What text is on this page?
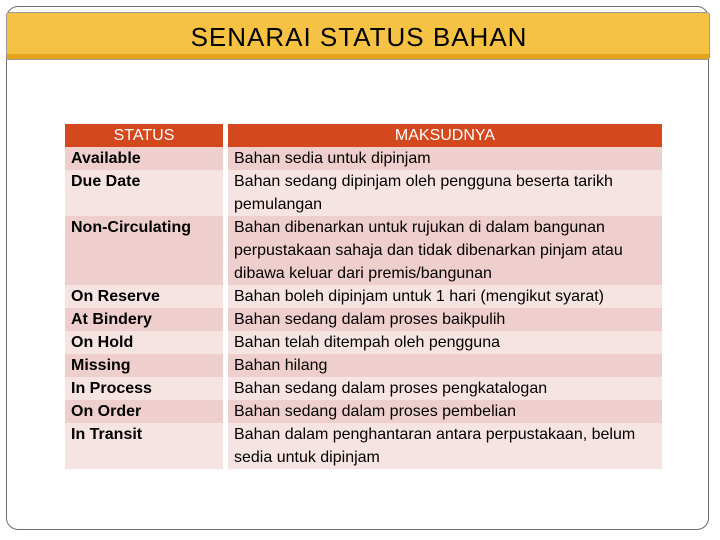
SENARAI STATUS BAHAN
STATUS		MAKSUDNYA
Available		Bahan sedia untuk dipinjam
Due Date		Bahan sedang dipinjam oleh pengguna beserta tarikh pemulangan
Non-Circulating		Bahan dibenarkan untuk rujukan di dalam bangunan perpustakaan sahaja dan tidak dibenarkan pinjam atau dibawa keluar dari premis/bangunan
On Reserve		Bahan boleh dipinjam untuk 1 hari (mengikut syarat)
At Bindery		Bahan sedang dalam proses baikpulih
On Hold		Bahan telah ditempah oleh pengguna
Missing		Bahan hilang
In Process		Bahan sedang dalam proses pengkatalogan
On Order		Bahan sedang dalam proses pembelian
In Transit		Bahan dalam penghantaran antara perpustakaan, belum sedia untuk dipinjam
